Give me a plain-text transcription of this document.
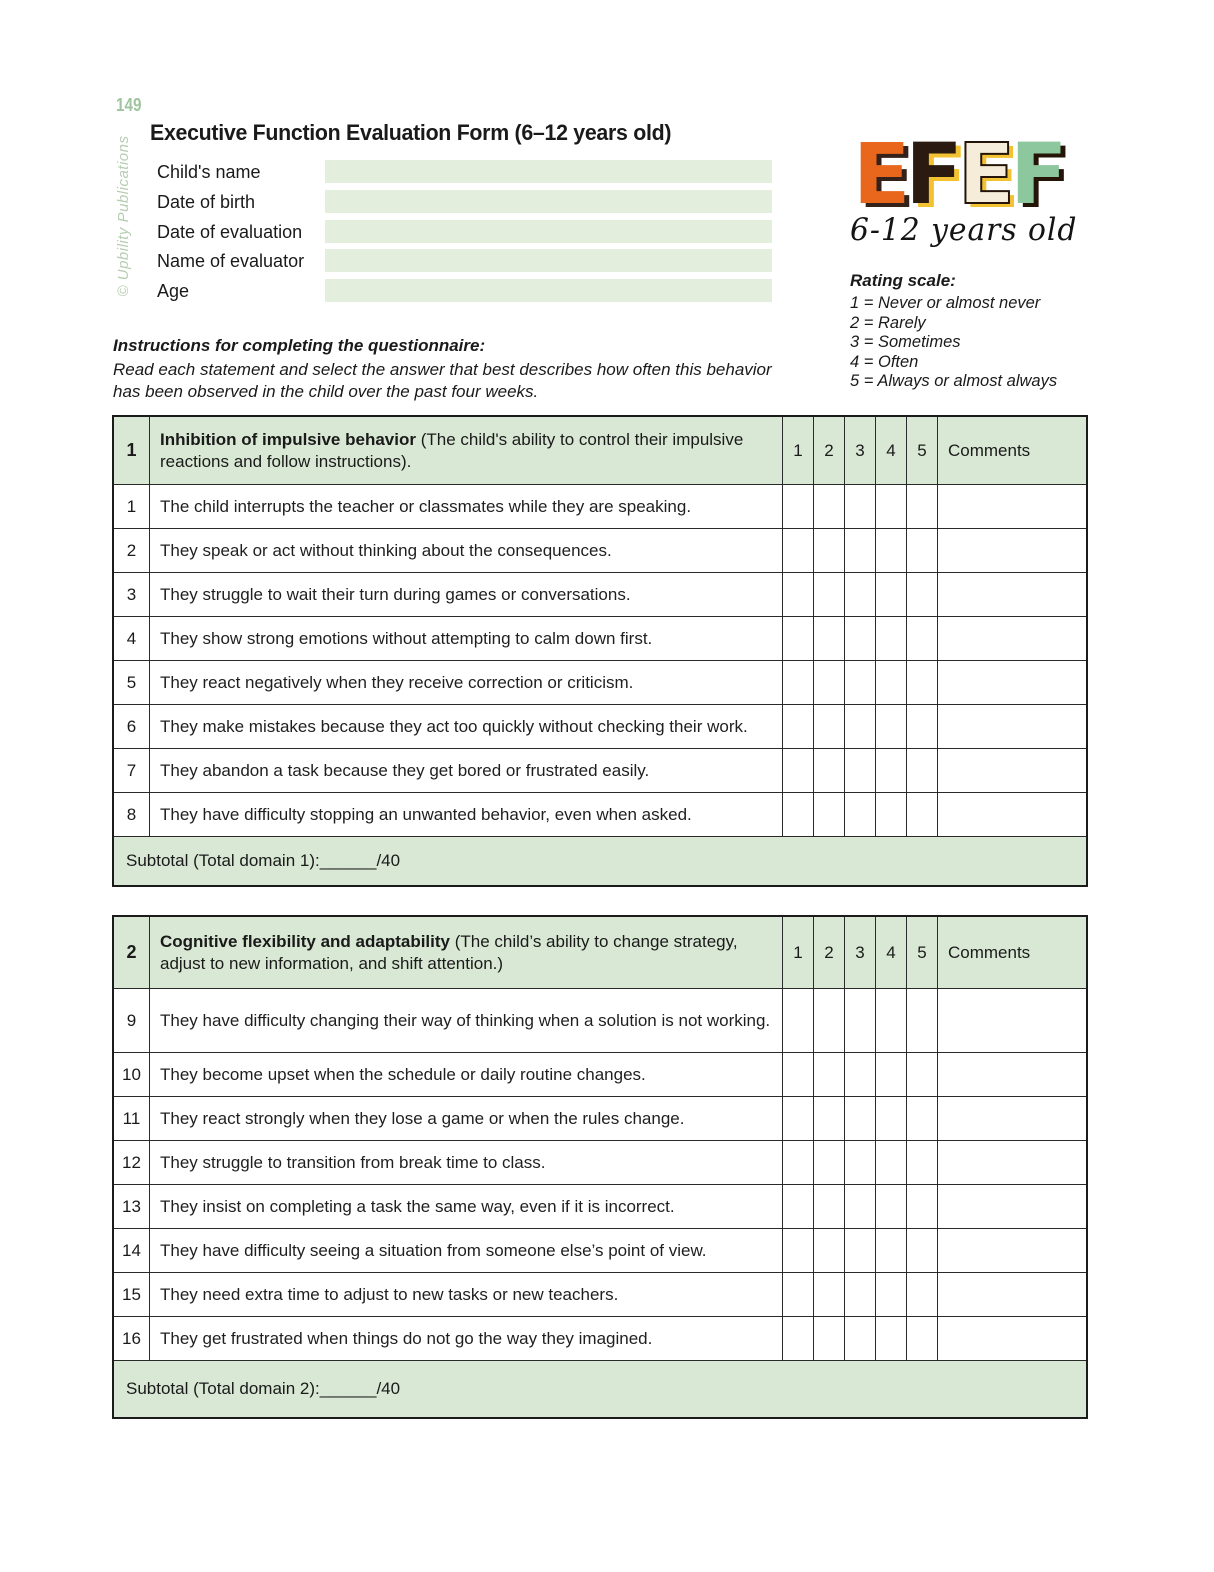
149
© Upbility Publications
Executive Function Evaluation Form (6–12 years old)
Child's name
Date of birth
Date of evaluation
Name of evaluator
Age
EFEF
6-12 years old
Rating scale:
1 = Never or almost never
2 = Rarely
3 = Sometimes
4 = Often
5 = Always or almost always
Instructions for completing the questionnaire:
Read each statement and select the answer that best describes how often this behavior has been observed in the child over the past four weeks.
1	Inhibition of impulsive behavior (The child's ability to control their impulsive reactions and follow instructions).	1	2	3	4	5	Comments
1	The child interrupts the teacher or classmates while they are speaking.						
2	They speak or act without thinking about the consequences.						
3	They struggle to wait their turn during games or conversations.						
4	They show strong emotions without attempting to calm down first.						
5	They react negatively when they receive correction or criticism.						
6	They make mistakes because they act too quickly without checking their work.						
7	They abandon a task because they get bored or frustrated easily.						
8	They have difficulty stopping an unwanted behavior, even when asked.						
Subtotal (Total domain 1):______/40							
2	Cognitive flexibility and adaptability (The child’s ability to change strategy, adjust to new information, and shift attention.)	1	2	3	4	5	Comments
9	They have difficulty changing their way of thinking when a solution is not working.						
10	They become upset when the schedule or daily routine changes.						
11	They react strongly when they lose a game or when the rules change.						
12	They struggle to transition from break time to class.						
13	They insist on completing a task the same way, even if it is incorrect.						
14	They have difficulty seeing a situation from someone else’s point of view.						
15	They need extra time to adjust to new tasks or new teachers.						
16	They get frustrated when things do not go the way they imagined.						
Subtotal (Total domain 2):______/40							
